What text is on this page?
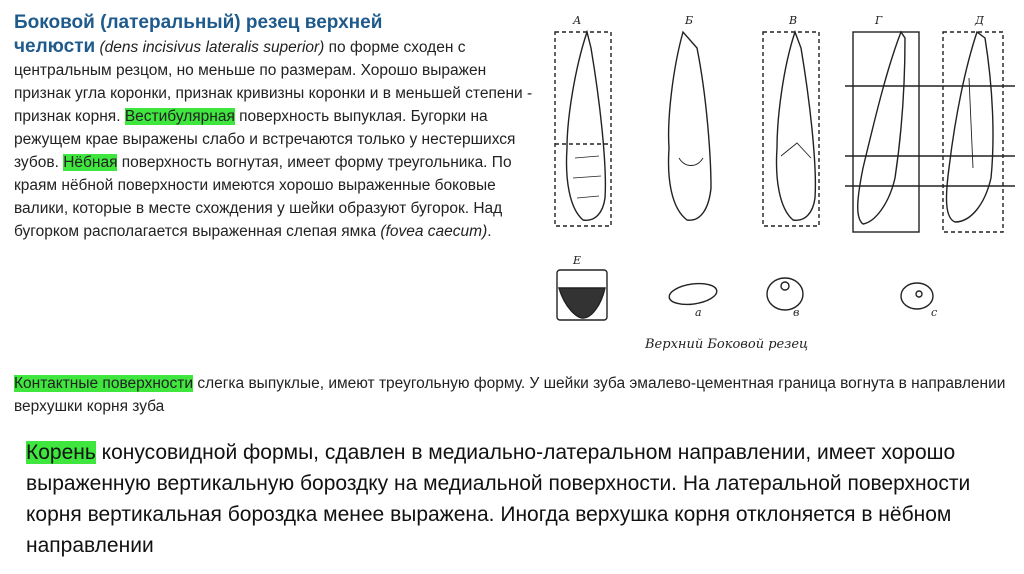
Боковой (латеральный) резец верхней
челюсти (dens incisivus lateralis superior) по форме сходен с центральным резцом, но меньше по размерам. Хорошо выражен признак угла коронки, признак кривизны коронки и в меньшей степени - признак корня. Вестибулярная поверхность выпуклая. Бугорки на режущем крае выражены слабо и встречаются только у нестершихся зубов. Нёбная поверхность вогнутая, имеет форму треугольника. По краям нёбной поверхности имеются хорошо выраженные боковые валики, которые в месте схождения у шейки образуют бугорок. Над бугорком располагается выраженная слепая ямка (fovea caecum).
А	Б	В	Г	Д
Е
а	в	с
Верхний Боковой резец
Контактные поверхности слегка выпуклые, имеют треугольную форму. У шейки зуба эмалево-цементная граница вогнута в направлении верхушки корня зуба
Корень конусовидной формы, сдавлен в медиально-латеральном направлении, имеет хорошо выраженную вертикальную бороздку на медиальной поверхности. На латеральной поверхности корня вертикальная бороздка менее выражена. Иногда верхушка корня отклоняется в нёбном направлении
